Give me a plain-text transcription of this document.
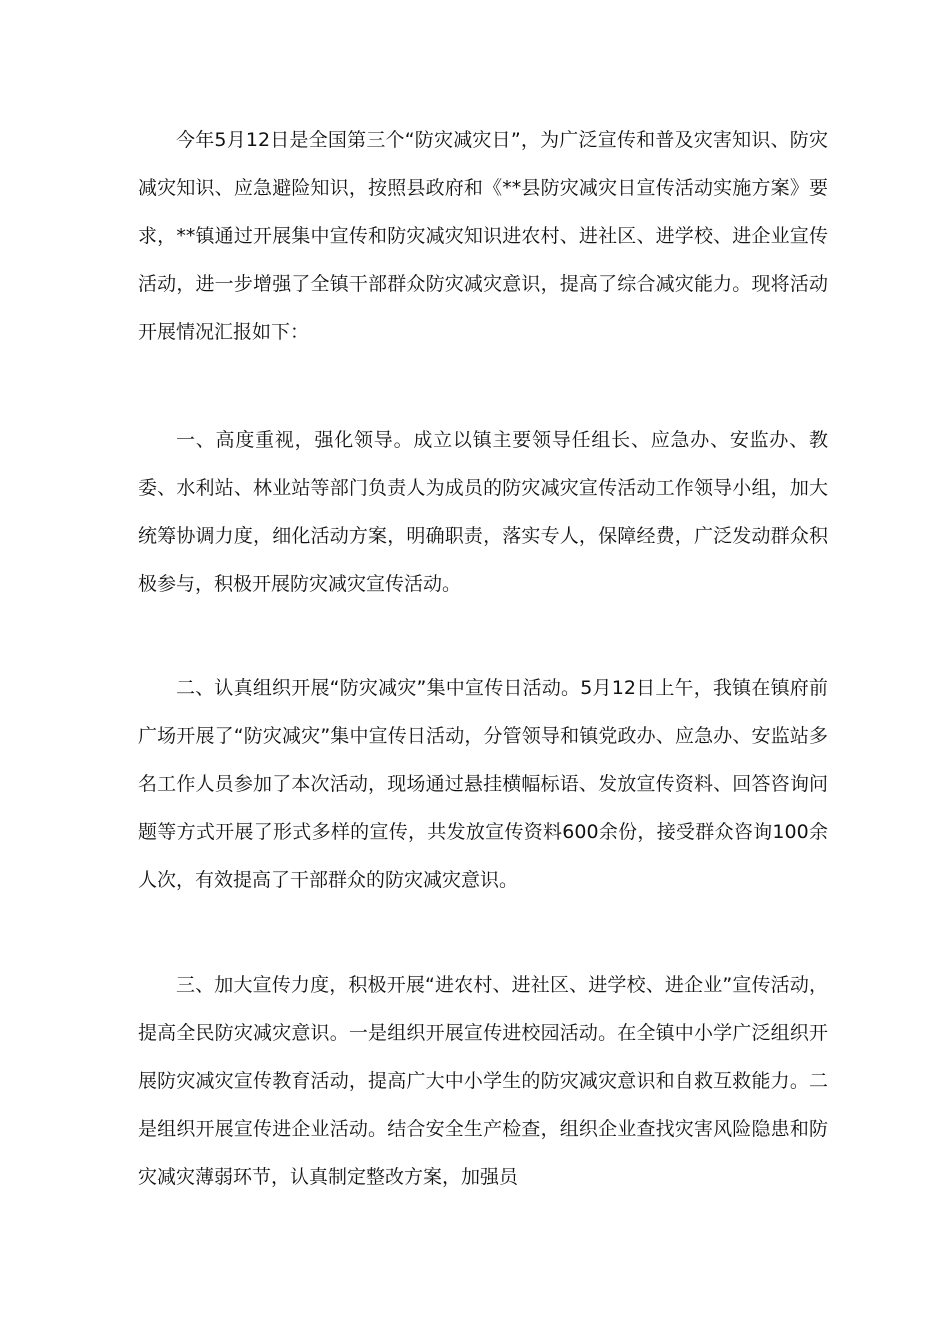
今年5月12日是全国第三个“防灾减灾日”，为广泛宣传和普及灾害知识、防灾减灾知识、应急避险知识，按照县政府和《**县防灾减灾日宣传活动实施方案》要求，**镇通过开展集中宣传和防灾减灾知识进农村、进社区、进学校、进企业宣传活动，进一步增强了全镇干部群众防灾减灾意识，提高了综合减灾能力。现将活动开展情况汇报如下：

一、高度重视，强化领导。成立以镇主要领导任组长、应急办、安监办、教委、水利站、林业站等部门负责人为成员的防灾减灾宣传活动工作领导小组，加大统筹协调力度，细化活动方案，明确职责，落实专人，保障经费，广泛发动群众积极参与，积极开展防灾减灾宣传活动。

二、认真组织开展“防灾减灾”集中宣传日活动。5月12日上午，我镇在镇府前广场开展了“防灾减灾”集中宣传日活动，分管领导和镇党政办、应急办、安监站多名工作人员参加了本次活动，现场通过悬挂横幅标语、发放宣传资料、回答咨询问题等方式开展了形式多样的宣传，共发放宣传资料600余份，接受群众咨询100余人次，有效提高了干部群众的防灾减灾意识。

三、加大宣传力度，积极开展“进农村、进社区、进学校、进企业”宣传活动，提高全民防灾减灾意识。一是组织开展宣传进校园活动。在全镇中小学广泛组织开展防灾减灾宣传教育活动，提高广大中小学生的防灾减灾意识和自救互救能力。二是组织开展宣传进企业活动。结合安全生产检查，组织企业查找灾害风险隐患和防灾减灾薄弱环节，认真制定整改方案，加强员
